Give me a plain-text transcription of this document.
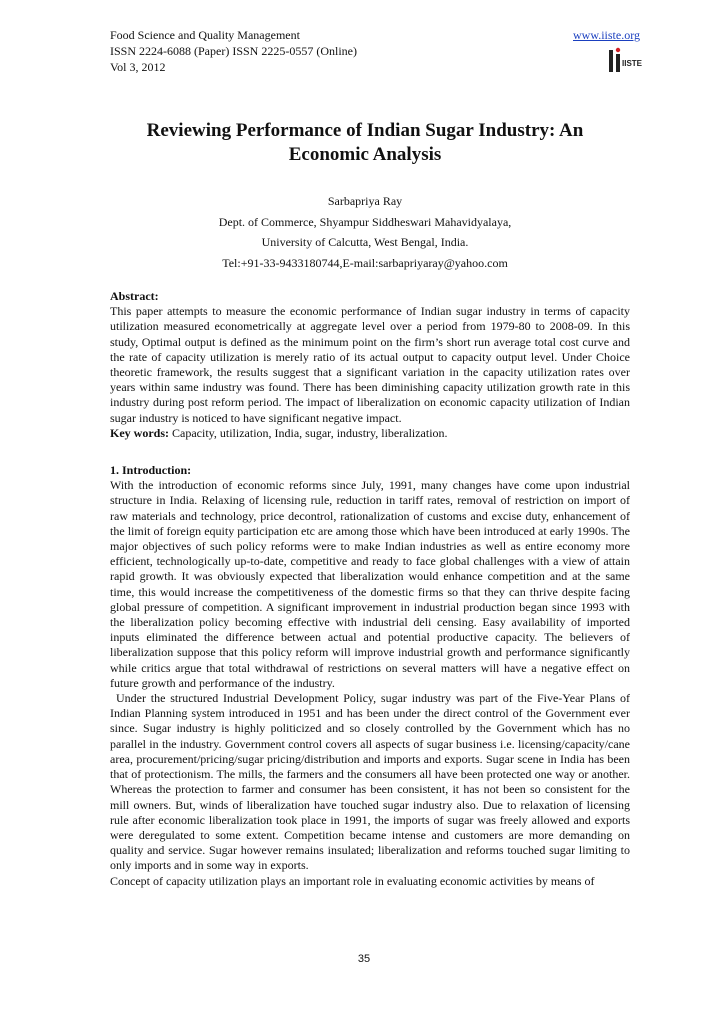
Food Science and Quality Management
ISSN 2224-6088 (Paper) ISSN 2225-0557 (Online)
Vol 3, 2012
www.iiste.org
IISTE
Reviewing Performance of Indian Sugar Industry: An Economic Analysis
Sarbapriya Ray
Dept. of Commerce, Shyampur Siddheswari Mahavidyalaya,
University of Calcutta, West Bengal, India.
Tel:+91-33-9433180744,E-mail:sarbapriyaray@yahoo.com

Abstract:

This paper attempts to measure the economic performance of Indian sugar industry in terms of capacity utilization measured econometrically at aggregate level over a period from 1979-80 to 2008-09. In this study, Optimal output is defined as the minimum point on the firm’s short run average total cost curve and the rate of capacity utilization is merely ratio of its actual output to capacity output level. Under Choice theoretic framework, the results suggest that a significant variation in the capacity utilization rates over years within same industry was found. There has been diminishing capacity utilization growth rate in this industry during post reform period. The impact of liberalization on economic capacity utilization of Indian sugar industry is noticed to have significant negative impact.

Key words: Capacity, utilization, India, sugar, industry, liberalization.

1. Introduction:

With the introduction of economic reforms since July, 1991, many changes have come upon industrial structure in India. Relaxing of licensing rule, reduction in tariff rates, removal of restriction on import of raw materials and technology, price decontrol, rationalization of customs and excise duty, enhancement of the limit of foreign equity participation etc are among those which have been introduced at early 1990s. The major objectives of such policy reforms were to make Indian industries as well as entire economy more efficient, technologically up-to-date, competitive and ready to face global challenges with a view of attain rapid growth. It was obviously expected that liberalization would enhance competition and at the same time, this would increase the competitiveness of the domestic firms so that they can thrive despite facing global pressure of competition. A significant improvement in industrial production began since 1993 with the liberalization policy becoming effective with industrial deli censing. Easy availability of imported inputs eliminated the difference between actual and potential productive capacity. The believers of liberalization suppose that this policy reform will improve industrial growth and performance significantly while critics argue that total withdrawal of restrictions on several matters will have a negative effect on future growth and performance of the industry.

Under the structured Industrial Development Policy, sugar industry was part of the Five-Year Plans of Indian Planning system introduced in 1951 and has been under the direct control of the Government ever since. Sugar industry is highly politicized and so closely controlled by the Government which has no parallel in the industry. Government control covers all aspects of sugar business i.e. licensing/capacity/cane area, procurement/pricing/sugar pricing/distribution and imports and exports. Sugar scene in India has been that of protectionism. The mills, the farmers and the consumers all have been protected one way or another. Whereas the protection to farmer and consumer has been consistent, it has not been so consistent for the mill owners. But, winds of liberalization have touched sugar industry also. Due to relaxation of licensing rule after economic liberalization took place in 1991, the imports of sugar was freely allowed and exports were deregulated to some extent. Competition became intense and customers are more demanding on quality and service. Sugar however remains insulated; liberalization and reforms touched sugar limiting to only imports and in some way in exports.

Concept of capacity utilization plays an important role in evaluating economic activities by means of

35
